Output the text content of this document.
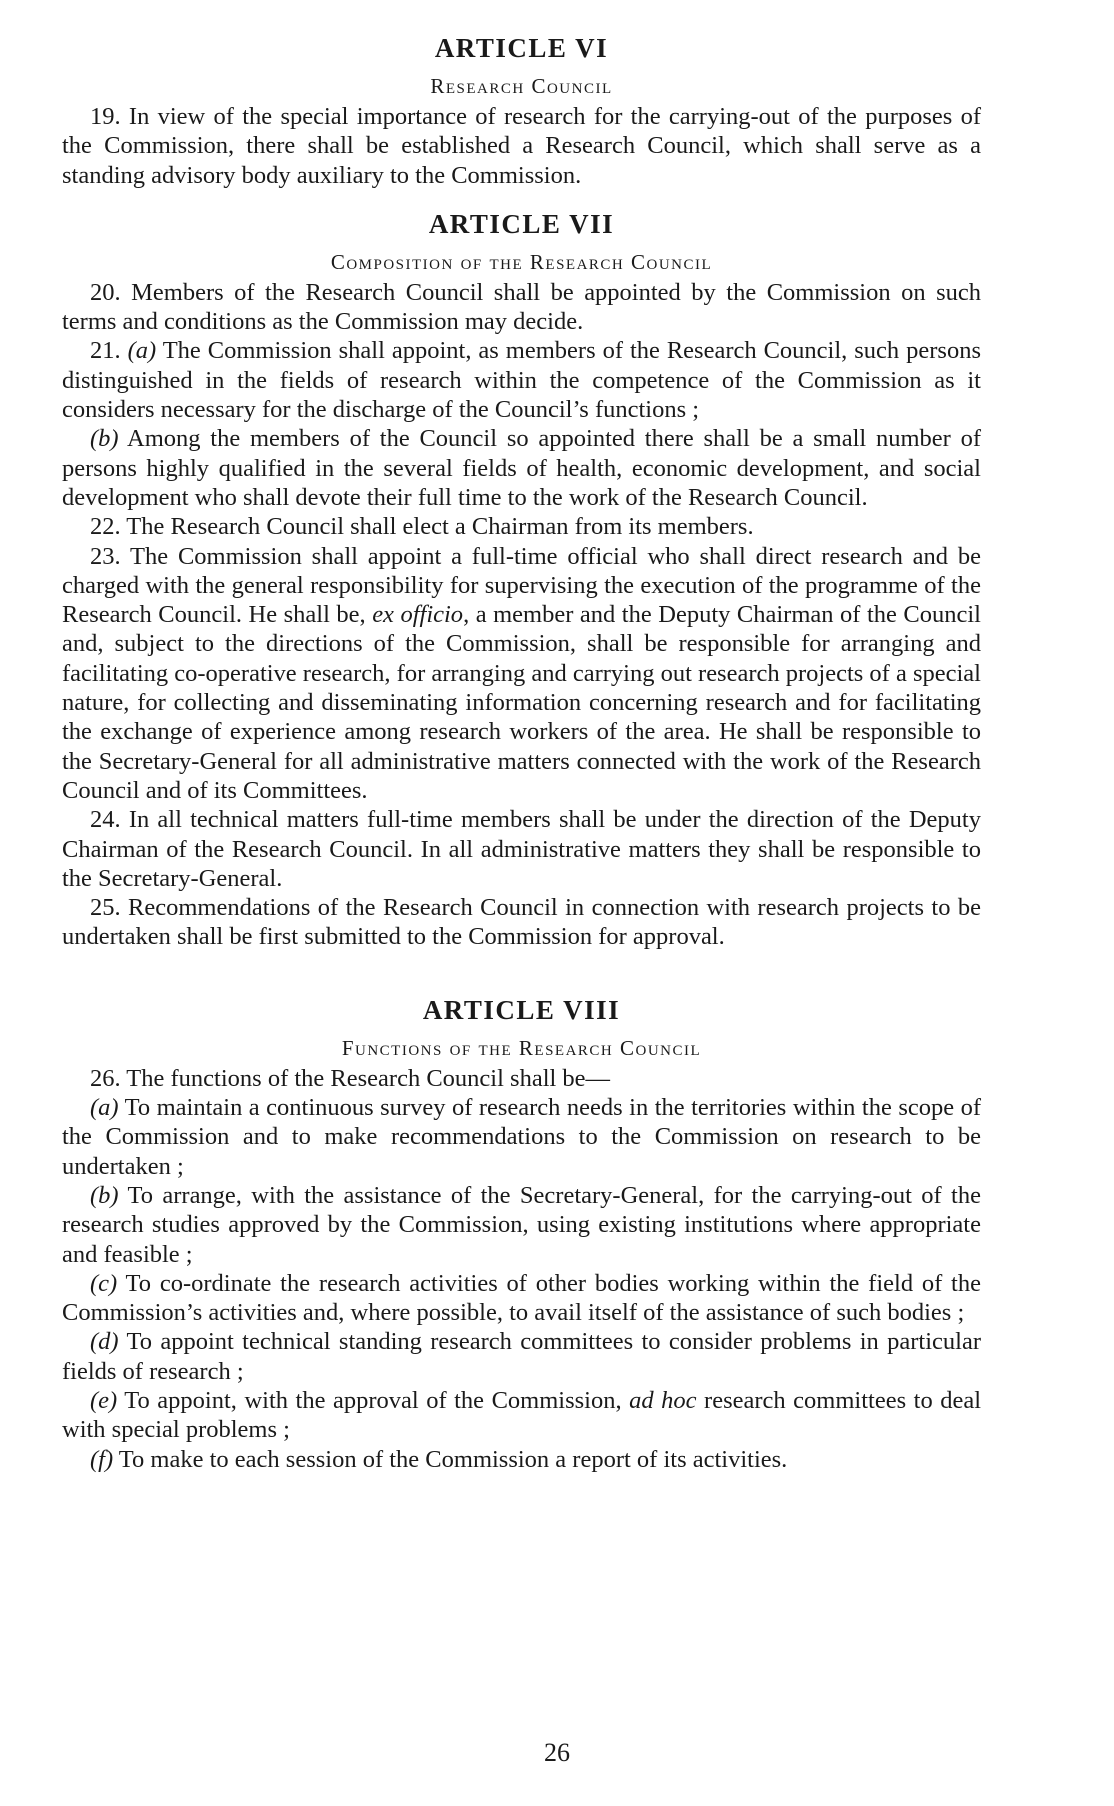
ARTICLE VI
Research Council

19. In view of the special importance of research for the carrying-out of the purposes of the Commission, there shall be established a Research Council, which shall serve as a standing advisory body auxiliary to the Commission.

ARTICLE VII
Composition of the Research Council

20. Members of the Research Council shall be appointed by the Commission on such terms and conditions as the Commission may decide.

21. (a) The Commission shall appoint, as members of the Research Council, such persons distinguished in the fields of research within the competence of the Commission as it considers necessary for the discharge of the Council’s functions ;

(b) Among the members of the Council so appointed there shall be a small number of persons highly qualified in the several fields of health, economic development, and social development who shall devote their full time to the work of the Research Council.

22. The Research Council shall elect a Chairman from its members.

23. The Commission shall appoint a full-time official who shall direct research and be charged with the general responsibility for supervising the execution of the programme of the Research Council. He shall be, ex officio, a member and the Deputy Chairman of the Council and, subject to the directions of the Commission, shall be responsible for arranging and facilitating co-operative research, for arranging and carrying out research projects of a special nature, for collecting and disseminating information concerning research and for facilitating the exchange of experience among research workers of the area. He shall be responsible to the Secretary-General for all administrative matters connected with the work of the Research Council and of its Committees.

24. In all technical matters full-time members shall be under the direction of the Deputy Chairman of the Research Council. In all administrative matters they shall be responsible to the Secretary-General.

25. Recommendations of the Research Council in connection with research projects to be undertaken shall be first submitted to the Commission for approval.

ARTICLE VIII
Functions of the Research Council

26. The functions of the Research Council shall be—

(a) To maintain a continuous survey of research needs in the territories within the scope of the Commission and to make recommendations to the Commission on research to be undertaken ;

(b) To arrange, with the assistance of the Secretary-General, for the carrying-out of the research studies approved by the Commission, using existing institutions where appropriate and feasible ;

(c) To co-ordinate the research activities of other bodies working within the field of the Commission’s activities and, where possible, to avail itself of the assistance of such bodies ;

(d) To appoint technical standing research committees to consider problems in particular fields of research ;

(e) To appoint, with the approval of the Commission, ad hoc research committees to deal with special problems ;

(f) To make to each session of the Commission a report of its activities.

26
